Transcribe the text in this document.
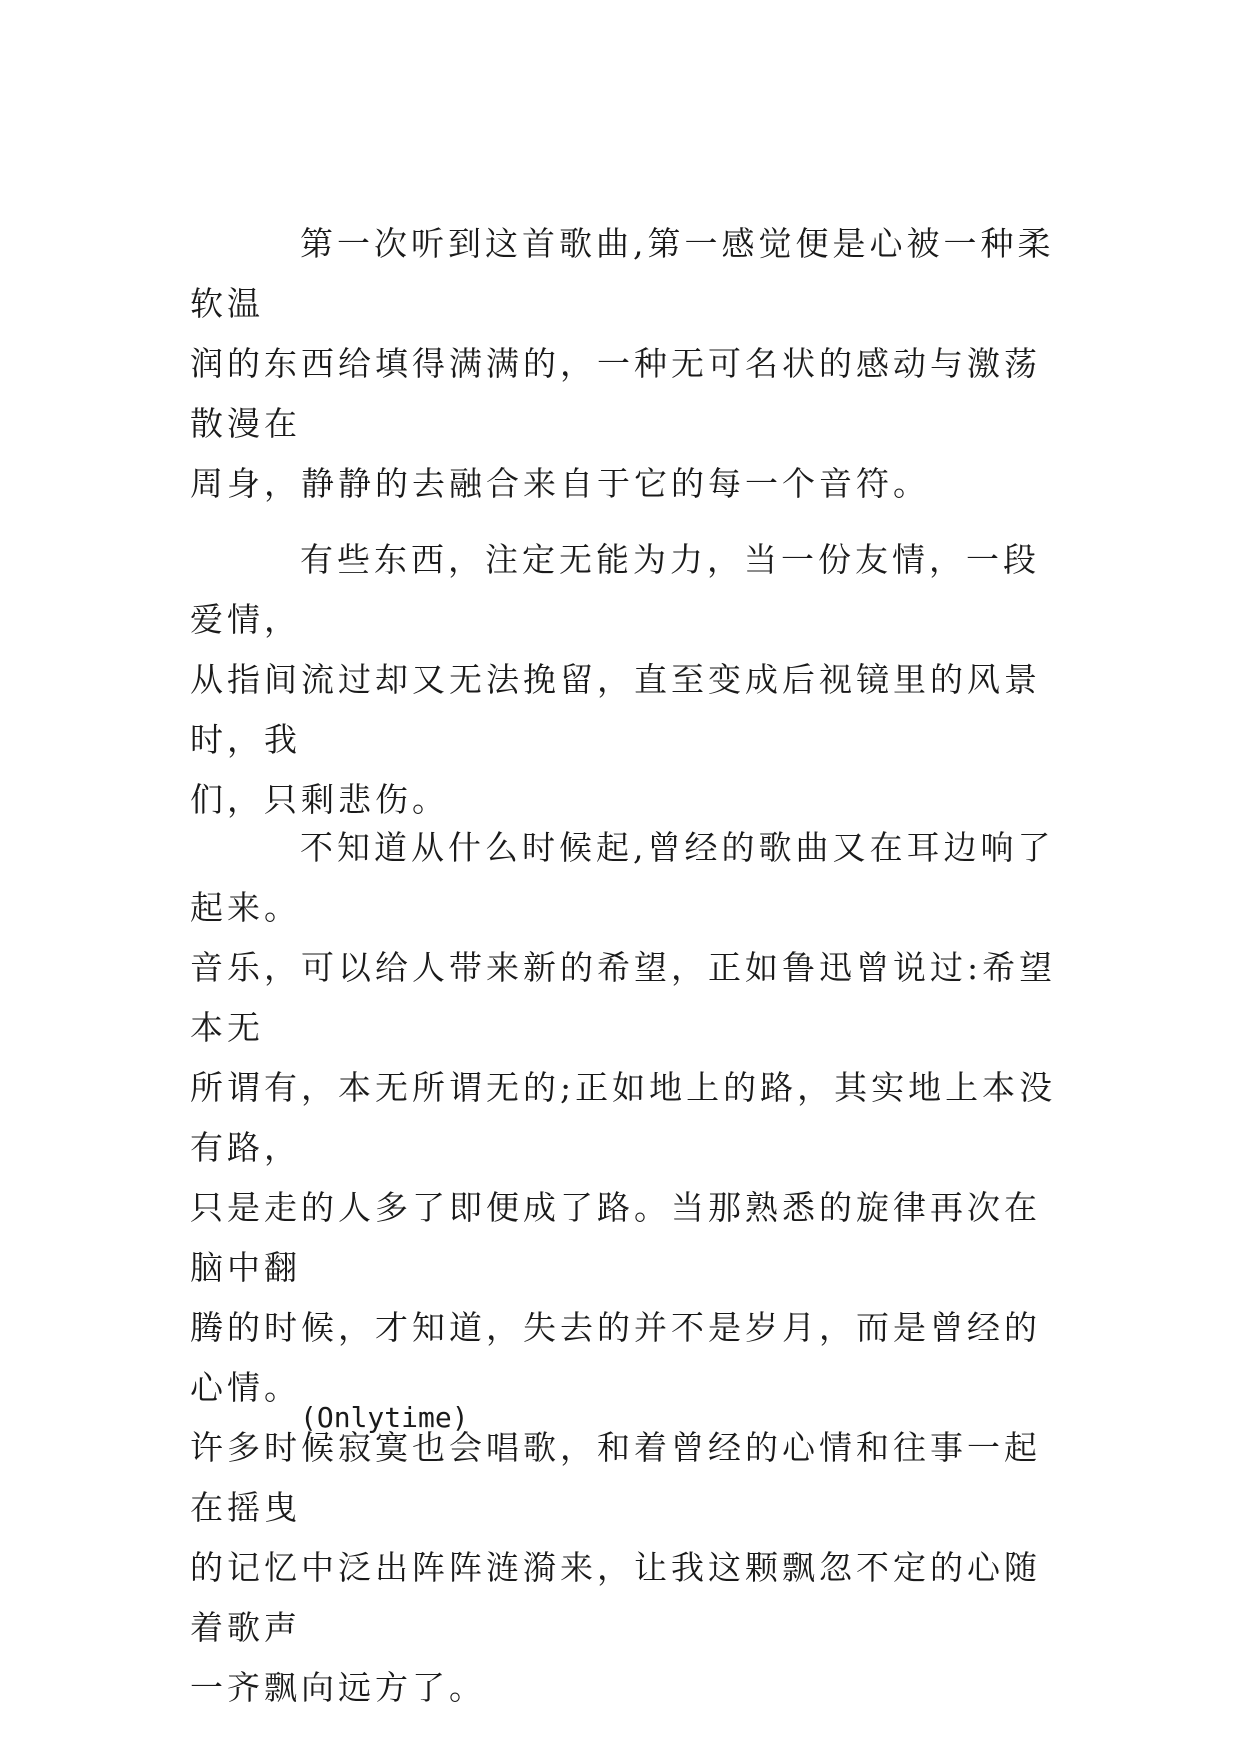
第一次听到这首歌曲,第一感觉便是心被一种柔软温
润的东西给填得满满的，一种无可名状的感动与激荡散漫在
周身，静静的去融合来自于它的每一个音符。

有些东西，注定无能为力，当一份友情，一段爱情，
从指间流过却又无法挽留，直至变成后视镜里的风景时，我
们，只剩悲伤。

不知道从什么时候起,曾经的歌曲又在耳边响了起来。
音乐，可以给人带来新的希望，正如鲁迅曾说过:希望本无
所谓有，本无所谓无的;正如地上的路，其实地上本没有路，
只是走的人多了即便成了路。当那熟悉的旋律再次在脑中翻
腾的时候，才知道，失去的并不是岁月，而是曾经的心情。
许多时候寂寞也会唱歌，和着曾经的心情和往事一起在摇曳
的记忆中泛出阵阵涟漪来，让我这颗飘忽不定的心随着歌声
一齐飘向远方了。

(Onlytime)
